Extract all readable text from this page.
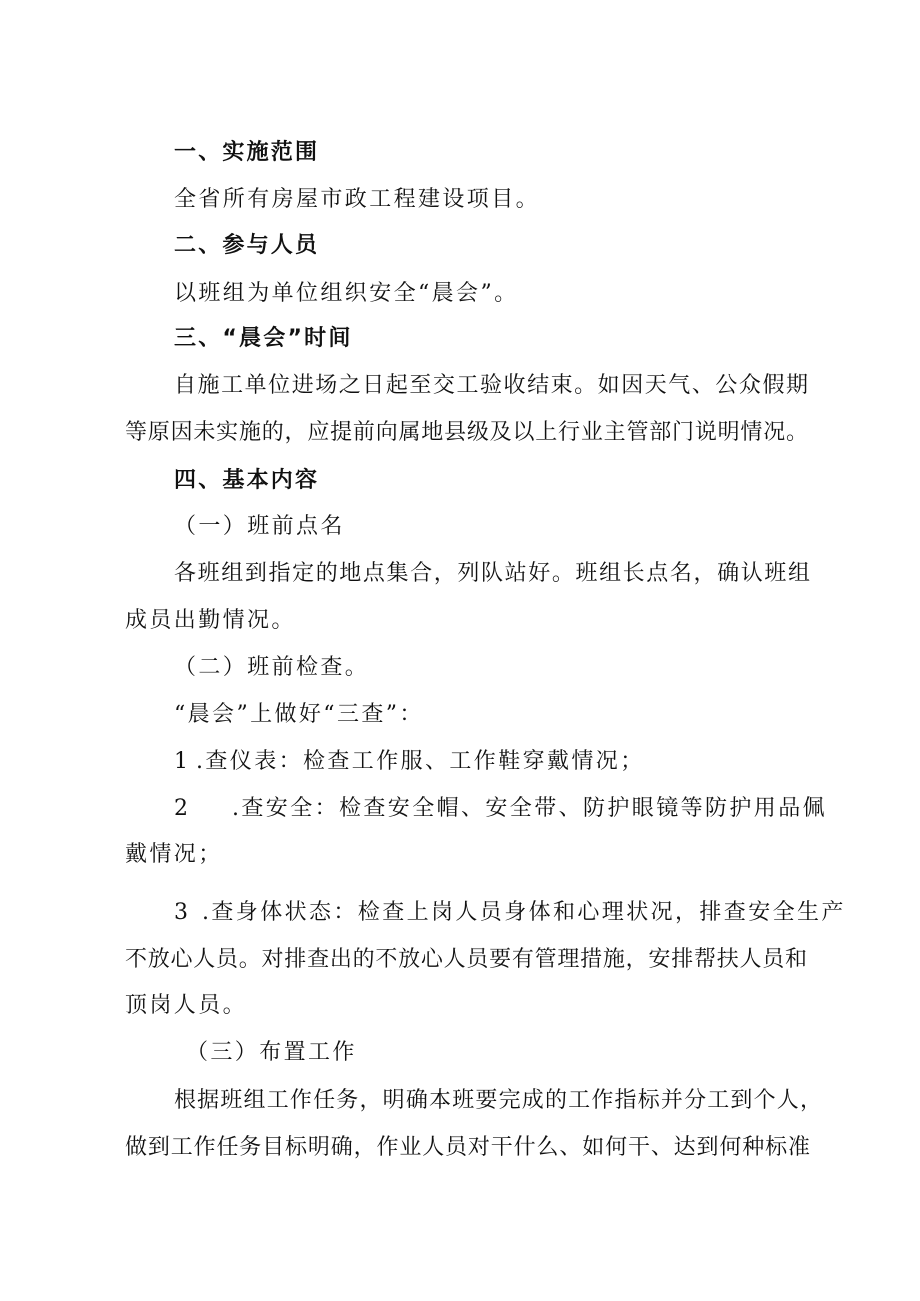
一、实施范围
全省所有房屋市政工程建设项目。
二、参与人员
以班组为单位组织安全“晨会”。
三、“晨会”时间
自施工单位进场之日起至交工验收结束。如因天气、公众假期
等原因未实施的，应提前向属地县级及以上行业主管部门说明情况。
四、基本内容
（一）班前点名
各班组到指定的地点集合，列队站好。班组长点名，确认班组
成员出勤情况。
（二）班前检查。
“晨会”上做好“三查”：
1 .查仪表：检查工作服、工作鞋穿戴情况；
2 .查安全：检查安全帽、安全带、防护眼镜等防护用品佩
戴情况；
3 .查身体状态：检查上岗人员身体和心理状况，排查安全生产
不放心人员。对排查出的不放心人员要有管理措施，安排帮扶人员和
顶岗人员。
（三）布置工作
根据班组工作任务，明确本班要完成的工作指标并分工到个人，
做到工作任务目标明确，作业人员对干什么、如何干、达到何种标准
